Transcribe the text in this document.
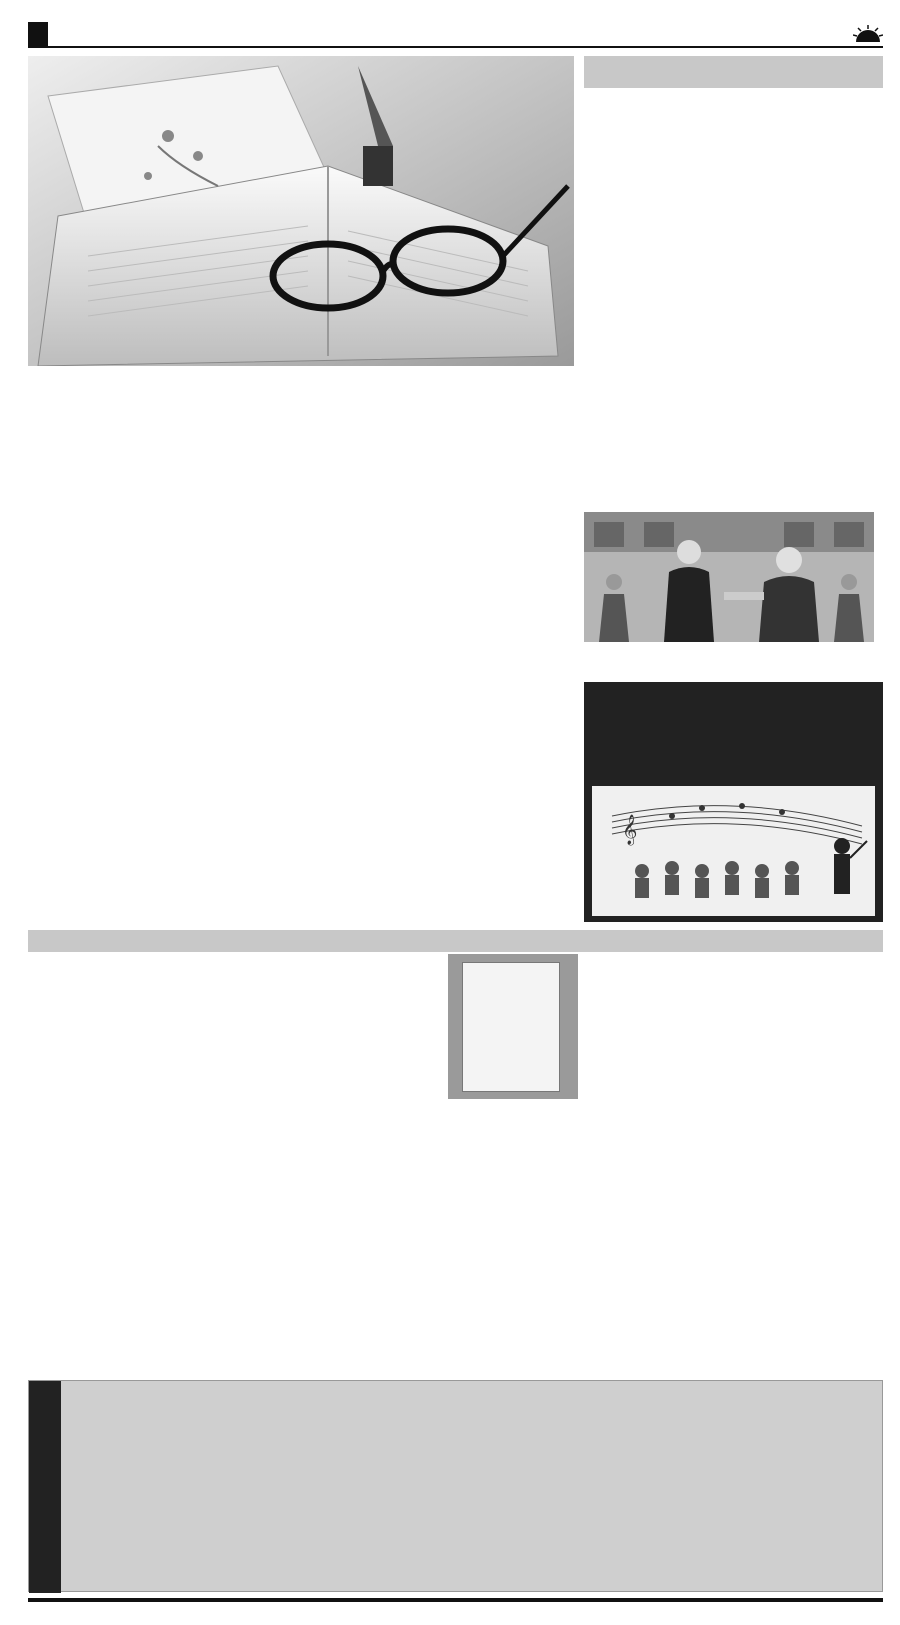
𝄞
